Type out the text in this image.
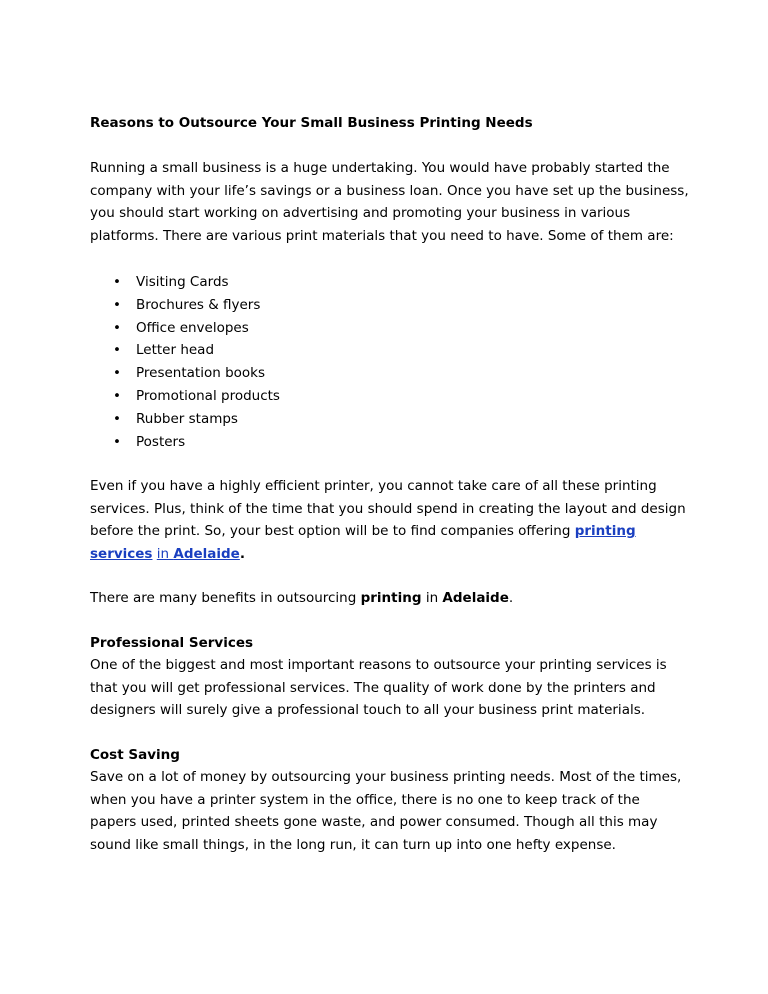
Reasons to Outsource Your Small Business Printing Needs

Running a small business is a huge undertaking. You would have probably started the company with your life’s savings or a business loan. Once you have set up the business, you should start working on advertising and promoting your business in various platforms. There are various print materials that you need to have. Some of them are:

• Visiting Cards
• Brochures & flyers
• Office envelopes
• Letter head
• Presentation books
• Promotional products
• Rubber stamps
• Posters

Even if you have a highly efficient printer, you cannot take care of all these printing services. Plus, think of the time that you should spend in creating the layout and design before the print. So, your best option will be to find companies offering printing services in Adelaide.

There are many benefits in outsourcing printing in Adelaide.

Professional Services

One of the biggest and most important reasons to outsource your printing services is that you will get professional services. The quality of work done by the printers and designers will surely give a professional touch to all your business print materials.

Cost Saving

Save on a lot of money by outsourcing your business printing needs. Most of the times, when you have a printer system in the office, there is no one to keep track of the papers used, printed sheets gone waste, and power consumed. Though all this may sound like small things, in the long run, it can turn up into one hefty expense.
